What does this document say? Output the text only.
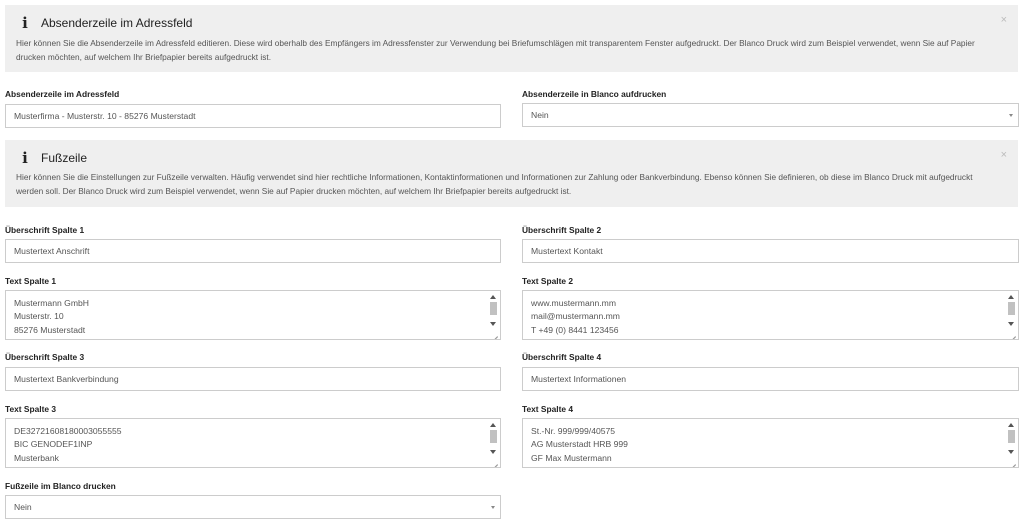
i	Absenderzeile im Adressfeld
Hier können Sie die Absenderzeile im Adressfeld editieren. Diese wird oberhalb des Empfängers im Adressfenster zur Verwendung bei Briefumschlägen mit transparentem Fenster aufgedruckt. Der Blanco Druck wird zum Beispiel verwendet, wenn Sie auf Papier drucken möchten, auf welchem Ihr Briefpapier bereits aufgedruckt ist.
×
Absenderzeile im Adressfeld
Musterfirma - Musterstr. 10 - 85276 Musterstadt
Absenderzeile in Blanco aufdrucken
Nein
i	Fußzeile
Hier können Sie die Einstellungen zur Fußzeile verwalten. Häufig verwendet sind hier rechtliche Informationen, Kontaktinformationen und Informationen zur Zahlung oder Bankverbindung. Ebenso können Sie definieren, ob diese im Blanco Druck mit aufgedruckt werden soll. Der Blanco Druck wird zum Beispiel verwendet, wenn Sie auf Papier drucken möchten, auf welchem Ihr Briefpapier bereits aufgedruckt ist.
×
Überschrift Spalte 1
Mustertext Anschrift
Text Spalte 1
Mustermann GmbH
Musterstr. 10
85276 Musterstadt
Überschrift Spalte 2
Mustertext Kontakt
Text Spalte 2
www.mustermann.mm
mail@mustermann.mm
T +49 (0) 8441 123456
Überschrift Spalte 3
Mustertext Bankverbindung
Text Spalte 3
DE32721608180003055555
BIC GENODEF1INP
Musterbank
Überschrift Spalte 4
Mustertext Informationen
Text Spalte 4
St.-Nr. 999/999/40575
AG Musterstadt HRB 999
GF Max Mustermann
Fußzeile im Blanco drucken
Nein
